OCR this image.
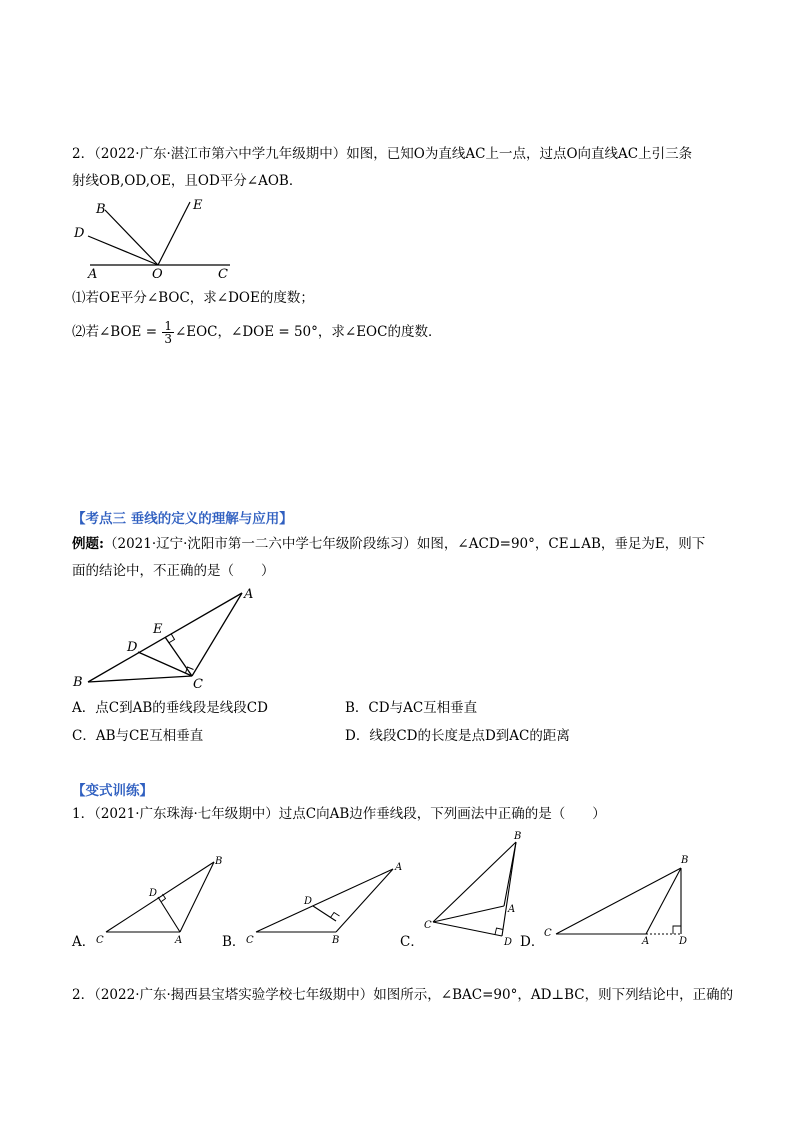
2．（2022·广东·湛江市第六中学九年级期中）如图，已知O为直线AC上一点，过点O向直线AC上引三条
射线OB,OD,OE，且OD平分∠AOB．
B	E
D
A	O	C
⑴若OE平分∠BOC，求∠DOE的度数；
⑵若∠BOE = $\frac{1}{3}$ ∠EOC，∠DOE = 50°，求∠EOC的度数．
【考点三 垂线的定义的理解与应用】
例题:（2021·辽宁·沈阳市第一二六中学七年级阶段练习）如图，∠ACD=90°，CE⊥AB，垂足为E，则下
面的结论中，不正确的是（　　）
A
E
D
B	C
A．点C到AB的垂线段是线段CD	B．CD与AC互相垂直
C．AB与CE互相垂直	D．线段CD的长度是点D到AC的距离
【变式训练】
1．（2021·广东珠海·七年级期中）过点C向AB边作垂线段，下列画法中正确的是（　　）
A．
B
D
C	A	B．
A
D
C	B	C．
B
A
C
D D．
B
C
A	D
2．（2022·广东·揭西县宝塔实验学校七年级期中）如图所示，∠BAC=90°，AD⊥BC，则下列结论中，正确的
